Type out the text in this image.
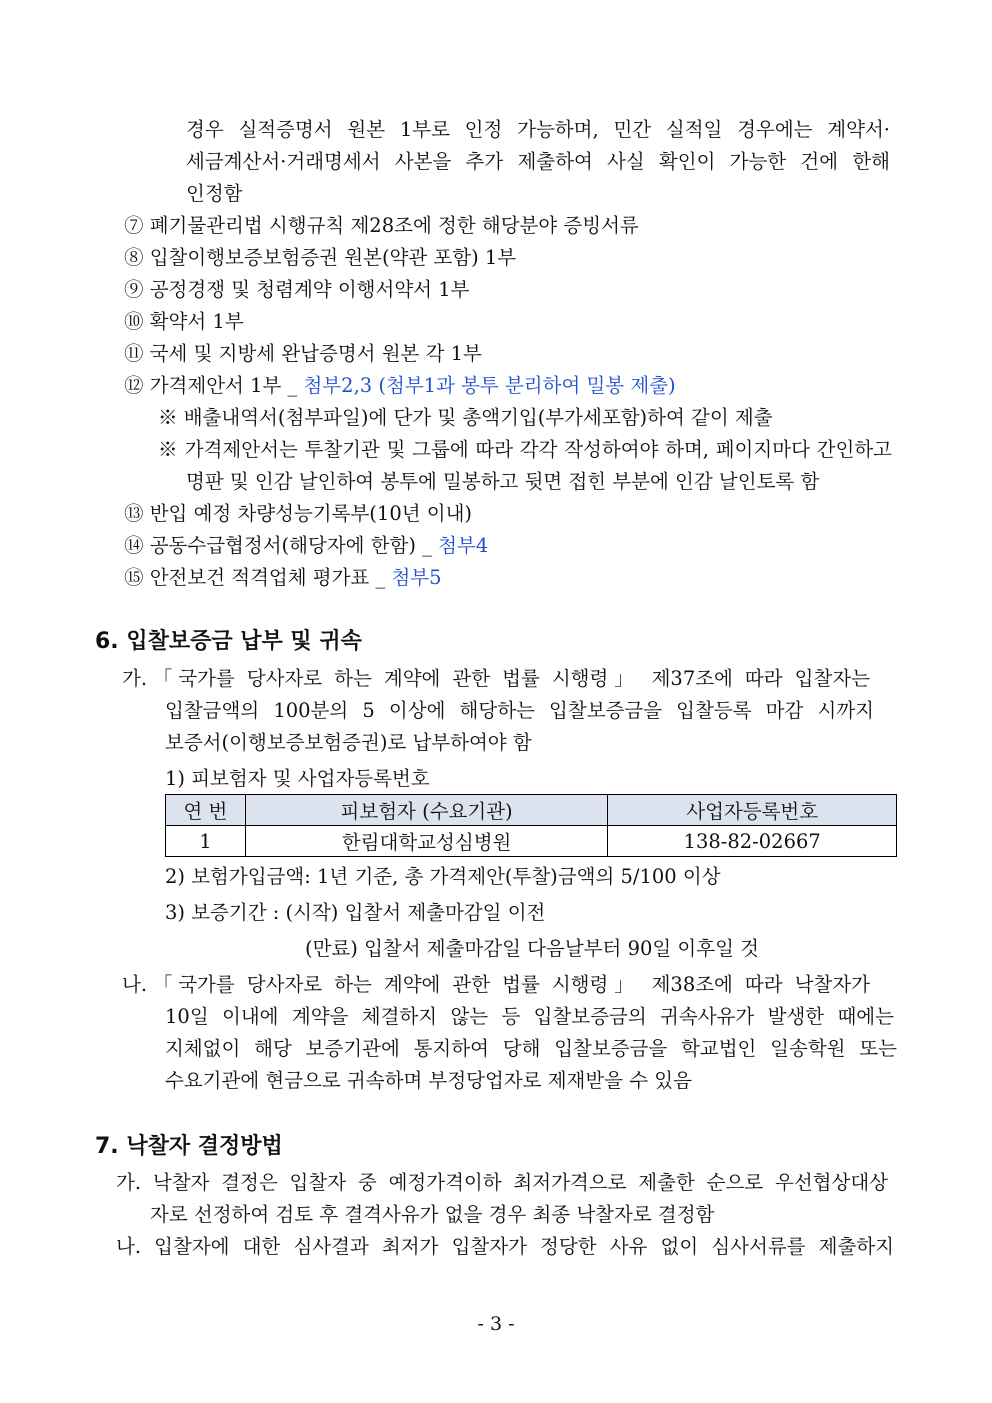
경우 실적증명서 원본 1부로 인정 가능하며, 민간 실적일 경우에는 계약서·
세금계산서·거래명세서 사본을 추가 제출하여 사실 확인이 가능한 건에 한해
인정함
⑦ 폐기물관리법 시행규칙 제28조에 정한 해당분야 증빙서류
⑧ 입찰이행보증보험증권 원본(약관 포함) 1부
⑨ 공정경쟁 및 청렴계약 이행서약서 1부
⑩ 확약서 1부
⑪ 국세 및 지방세 완납증명서 원본 각 1부
⑫ 가격제안서 1부 _ 첨부2,3 (첨부1과 봉투 분리하여 밀봉 제출)
※ 배출내역서(첨부파일)에 단가 및 총액기입(부가세포함)하여 같이 제출
※ 가격제안서는 투찰기관 및 그룹에 따라 각각 작성하여야 하며, 페이지마다 간인하고
명판 및 인감 날인하여 봉투에 밀봉하고 뒷면 접힌 부분에 인감 날인토록 함
⑬ 반입 예정 차량성능기록부(10년 이내)
⑭ 공동수급협정서(해당자에 한함) _ 첨부4
⑮ 안전보건 적격업체 평가표 _ 첨부5
6. 입찰보증금 납부 및 귀속
가.「국가를 당사자로 하는 계약에 관한 법률 시행령」 제37조에 따라 입찰자는
입찰금액의 100분의 5 이상에 해당하는 입찰보증금을 입찰등록 마감 시까지
보증서(이행보증보험증권)로 납부하여야 함
1) 피보험자 및 사업자등록번호
연 번	피보험자 (수요기관)	사업자등록번호
1	한림대학교성심병원	138-82-02667
2) 보험가입금액: 1년 기준, 총 가격제안(투찰)금액의 5/100 이상
3) 보증기간 : (시작) 입찰서 제출마감일 이전
(만료) 입찰서 제출마감일 다음날부터 90일 이후일 것
나.「국가를 당사자로 하는 계약에 관한 법률 시행령」 제38조에 따라 낙찰자가
10일 이내에 계약을 체결하지 않는 등 입찰보증금의 귀속사유가 발생한 때에는
지체없이 해당 보증기관에 통지하여 당해 입찰보증금을 학교법인 일송학원 또는
수요기관에 현금으로 귀속하며 부정당업자로 제재받을 수 있음
7. 낙찰자 결정방법
가. 낙찰자 결정은 입찰자 중 예정가격이하 최저가격으로 제출한 순으로 우선협상대상
자로 선정하여 검토 후 결격사유가 없을 경우 최종 낙찰자로 결정함
나. 입찰자에 대한 심사결과 최저가 입찰자가 정당한 사유 없이 심사서류를 제출하지
- 3 -
